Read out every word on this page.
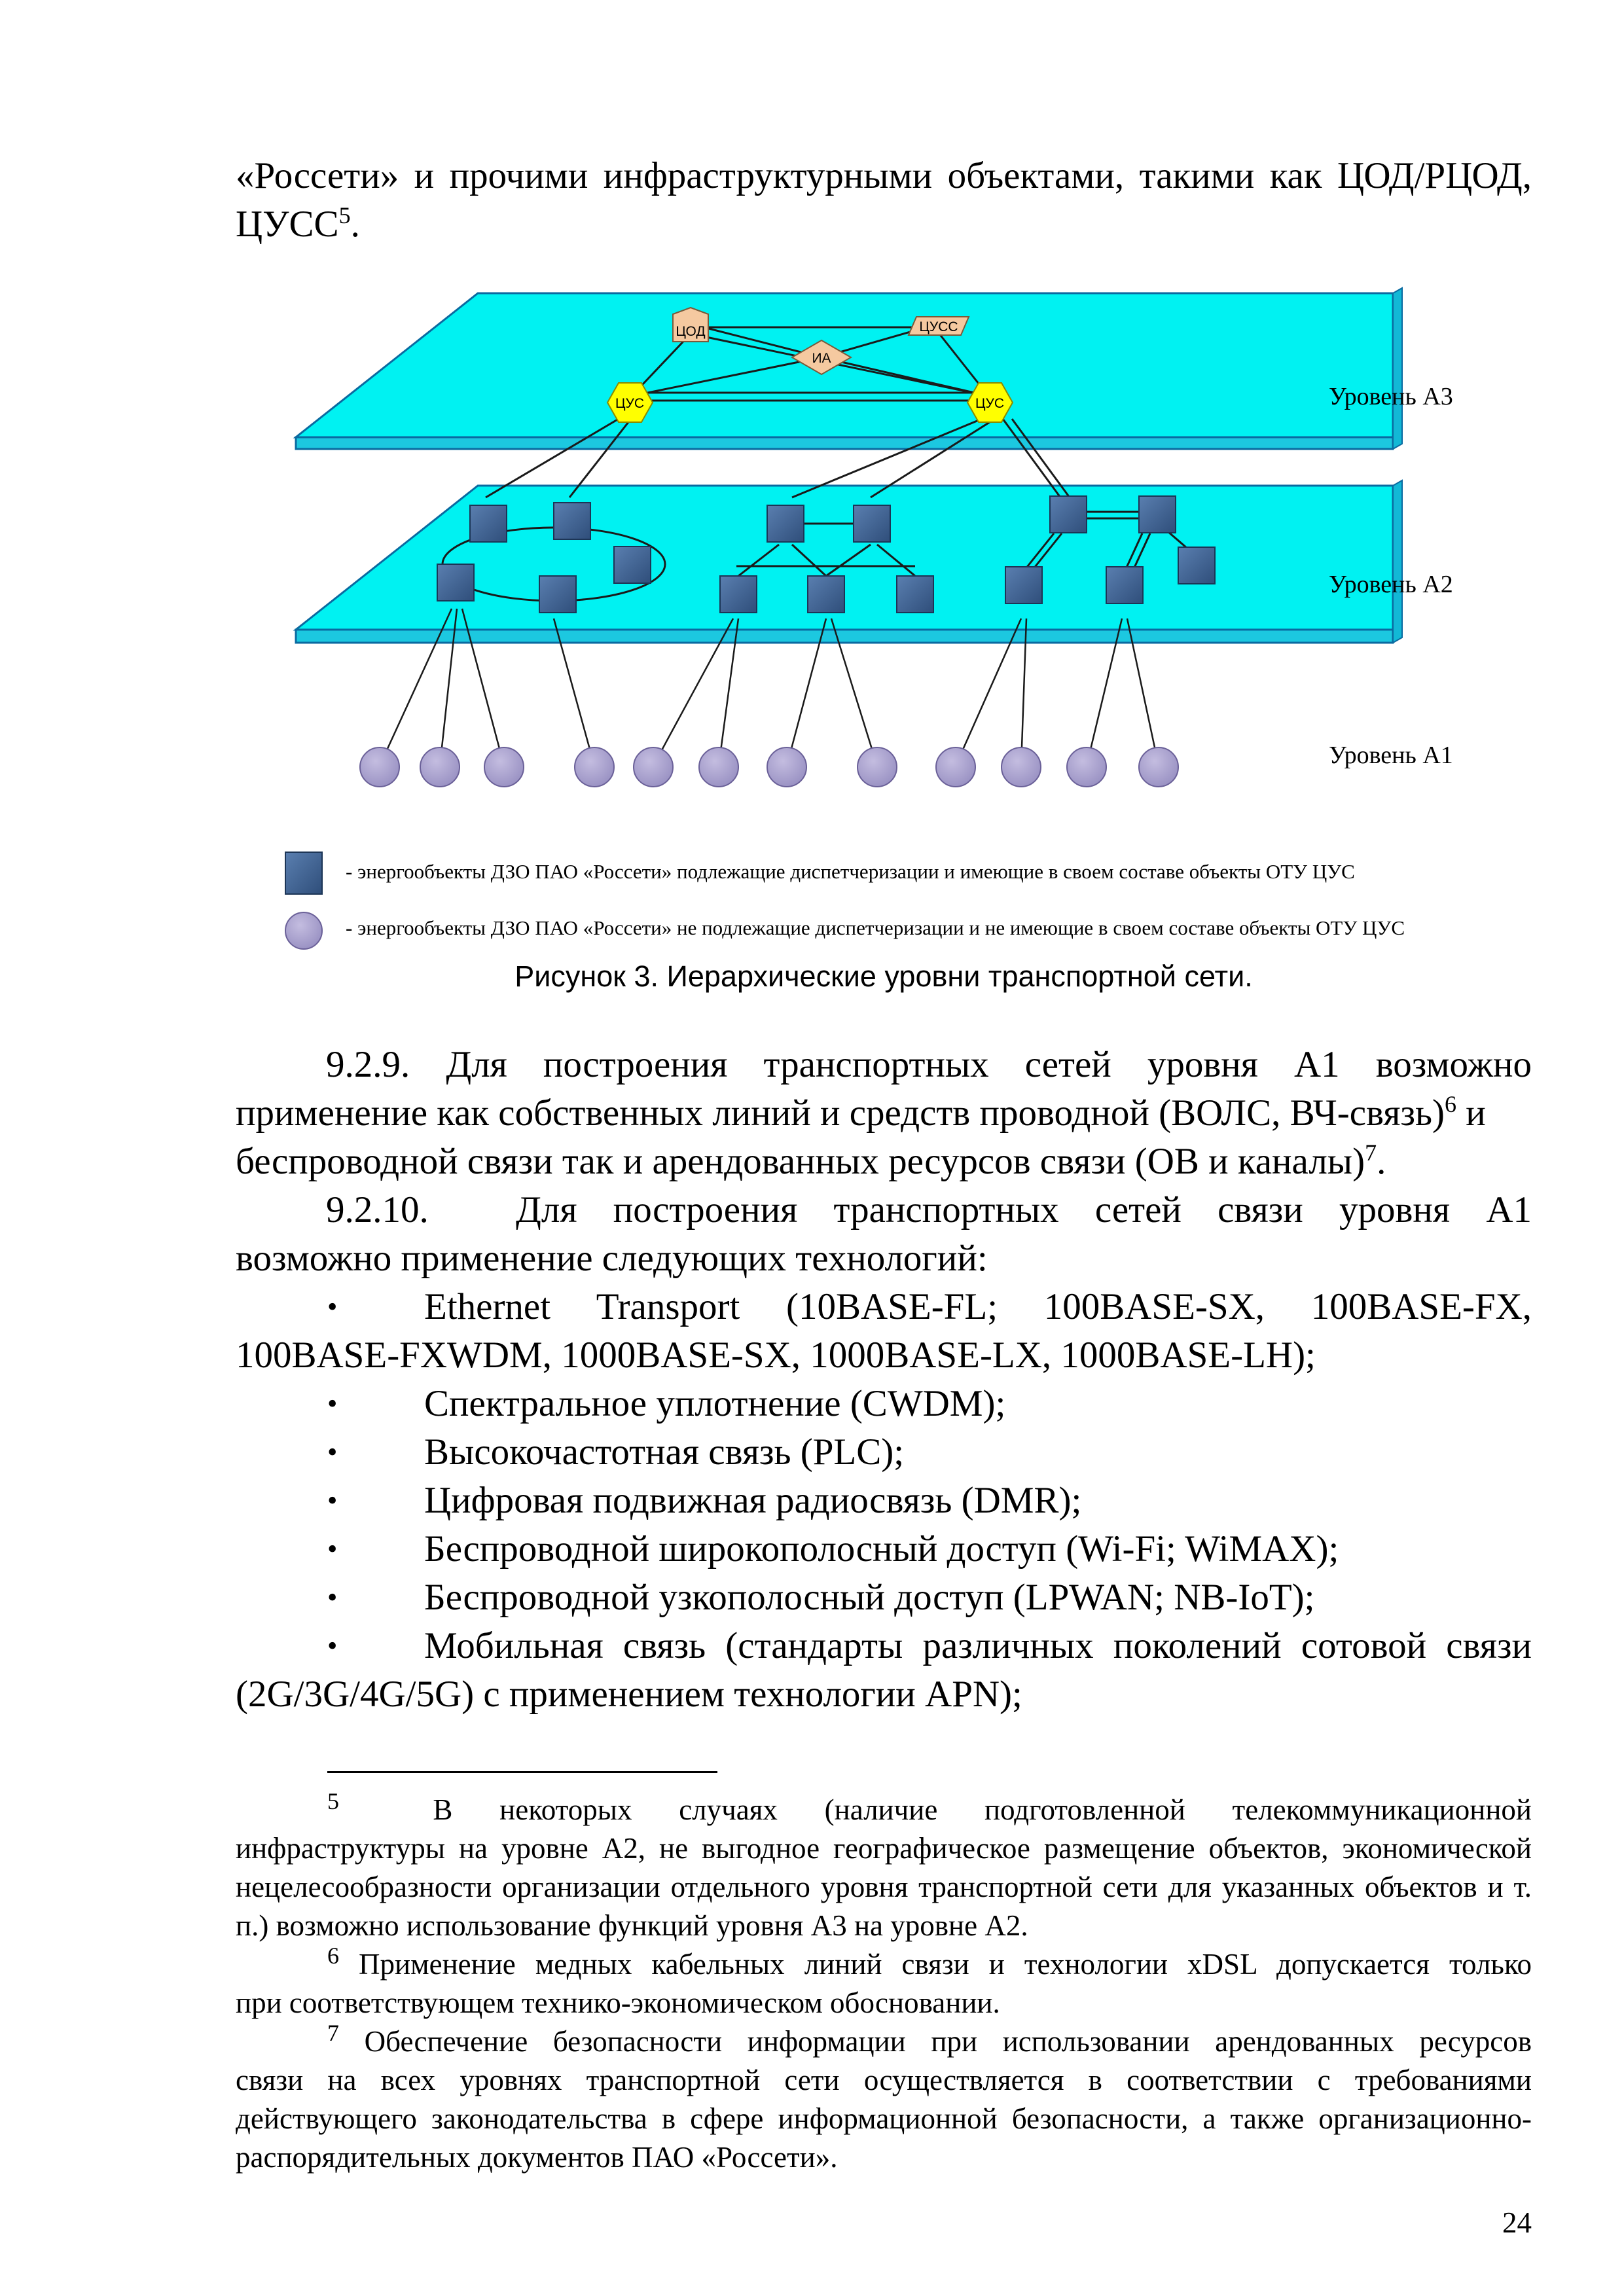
«Россети» и прочими инфраструктурными объектами, такими как ЦОД/РЦОД,
ЦУСС$^5$.
ЦОД	ЦУСС
ИА
ЦУС	ЦУС	Уровень А3
Уровень А2
Уровень А1
- энергообъекты ДЗО ПАО «Россети» подлежащие диспетчеризации и имеющие в своем составе объекты ОТУ ЦУС
- энергообъекты ДЗО ПАО «Россети» не подлежащие диспетчеризации и не имеющие в своем составе объекты ОТУ ЦУС
Рисунок 3. Иерархические уровни транспортной сети.
9.2.9. Для построения транспортных сетей уровня А1 возможно
применение как собственных линий и средств проводной (ВОЛС, ВЧ-связь)$^6$ и
беспроводной связи так и арендованных ресурсов связи (ОВ и каналы)$^7$.
9.2.10. Для построения транспортных сетей связи уровня А1
возможно применение следующих технологий:
• Ethernet Transport (10BASE-FL; 100BASE-SX, 100BASE-FX,
100BASE-FXWDM, 1000BASE-SX, 1000BASE-LX, 1000BASE-LH);
• Спектральное уплотнение (CWDM);
• Высокочастотная связь (PLC);
• Цифровая подвижная радиосвязь (DMR);
• Беспроводной широкополосный доступ (Wi-Fi; WiMAX);
• Беспроводной узкополосный доступ (LPWAN; NB-IoT);
• Мобильная связь (стандарты различных поколений сотовой связи
(2G/3G/4G/5G) с применением технологии APN);
$^5$	В некоторых случаях (наличие подготовленной телекоммуникационной
инфраструктуры на уровне А2, не выгодное географическое размещение объектов, экономической нецелесообразности организации отдельного уровня транспортной сети для указанных объектов и т. п.) возможно использование функций уровня А3 на уровне А2.
$^6$ Применение медных кабельных линий связи и технологии xDSL допускается только
при соответствующем технико-экономическом обосновании.
$^7$ Обеспечение безопасности информации при использовании арендованных ресурсов
связи на всех уровнях транспортной сети осуществляется в соответствии с требованиями действующего законодательства в сфере информационной безопасности, а также организационно-распорядительных документов ПАО «Россети».
24
